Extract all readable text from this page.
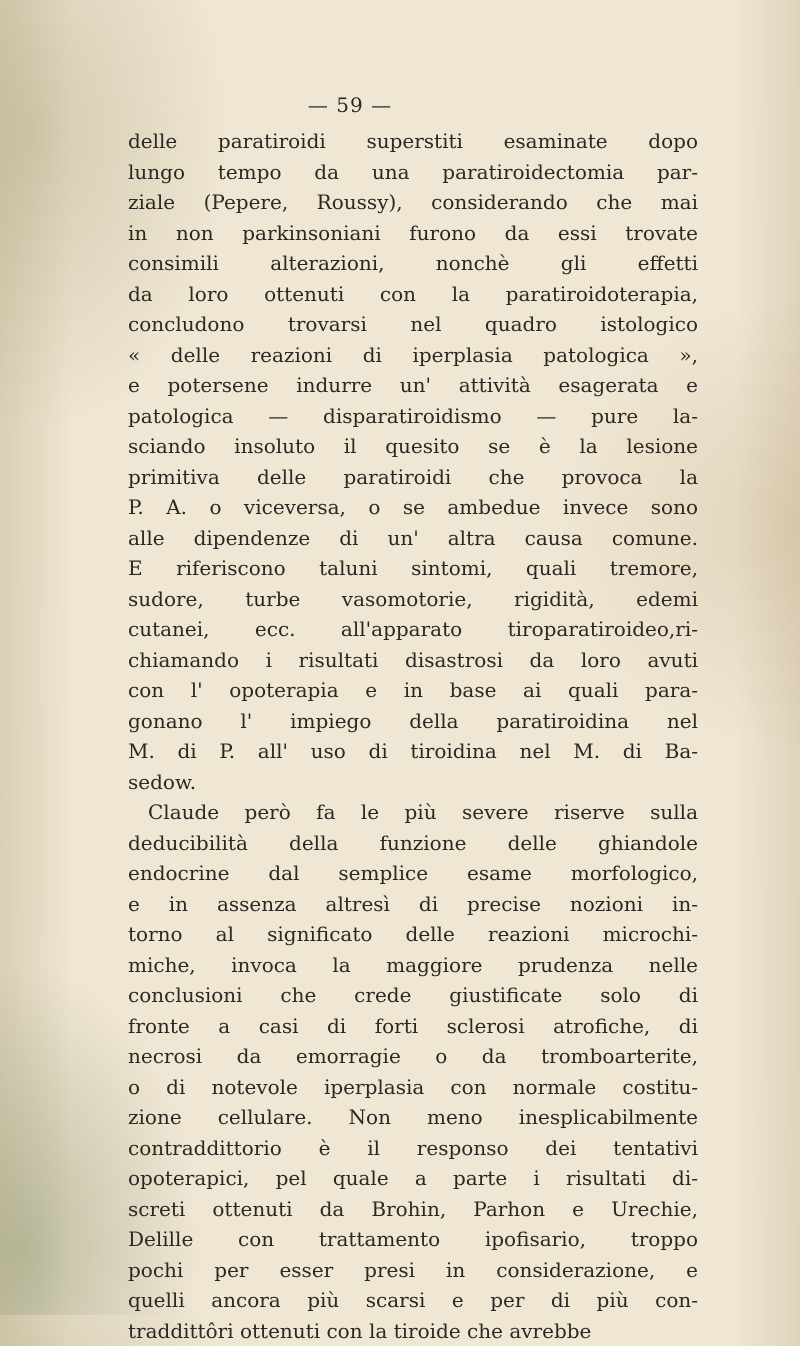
— 59 —
delle paratiroidi superstiti esaminate dopo
lungo tempo da una paratiroidectomia par-
ziale (Pepere, Roussy), considerando che mai
in non parkinsoniani furono da essi trovate
consimili alterazioni, nonchè gli effetti
da loro ottenuti con la paratiroidoterapia,
concludono trovarsi nel quadro istologico
« delle reazioni di iperplasia patologica »,
e potersene indurre un' attività esagerata e
patologica — disparatiroidismo — pure la-
sciando insoluto il quesito se è la lesione
primitiva delle paratiroidi che provoca la
P. A. o viceversa, o se ambedue invece sono
alle dipendenze di un' altra causa comune.
E riferiscono taluni sintomi, quali tremore,
sudore, turbe vasomotorie, rigidità, edemi
cutanei, ecc. all'apparato tiroparatiroideo,ri-
chiamando i risultati disastrosi da loro avuti
con l' opoterapia e in base ai quali para-
gonano l' impiego della paratiroidina nel
M. di P. all' uso di tiroidina nel M. di Ba-
sedow.
Claude però fa le più severe riserve sulla
deducibilità della funzione delle ghiandole
endocrine dal semplice esame morfologico,
e in assenza altresì di precise nozioni in-
torno al significato delle reazioni microchi-
miche, invoca la maggiore prudenza nelle
conclusioni che crede giustificate solo di
fronte a casi di forti sclerosi atrofiche, di
necrosi da emorragie o da tromboarterite,
o di notevole iperplasia con normale costitu-
zione cellulare. Non meno inesplicabilmente
contraddittorio è il responso dei tentativi
opoterapici, pel quale a parte i risultati di-
screti ottenuti da Brohin, Parhon e Urechie,
Delille con trattamento ipofisario, troppo
pochi per esser presi in considerazione, e
quelli ancora più scarsi e per di più con-
traddittôri ottenuti con la tiroide che avrebbe
